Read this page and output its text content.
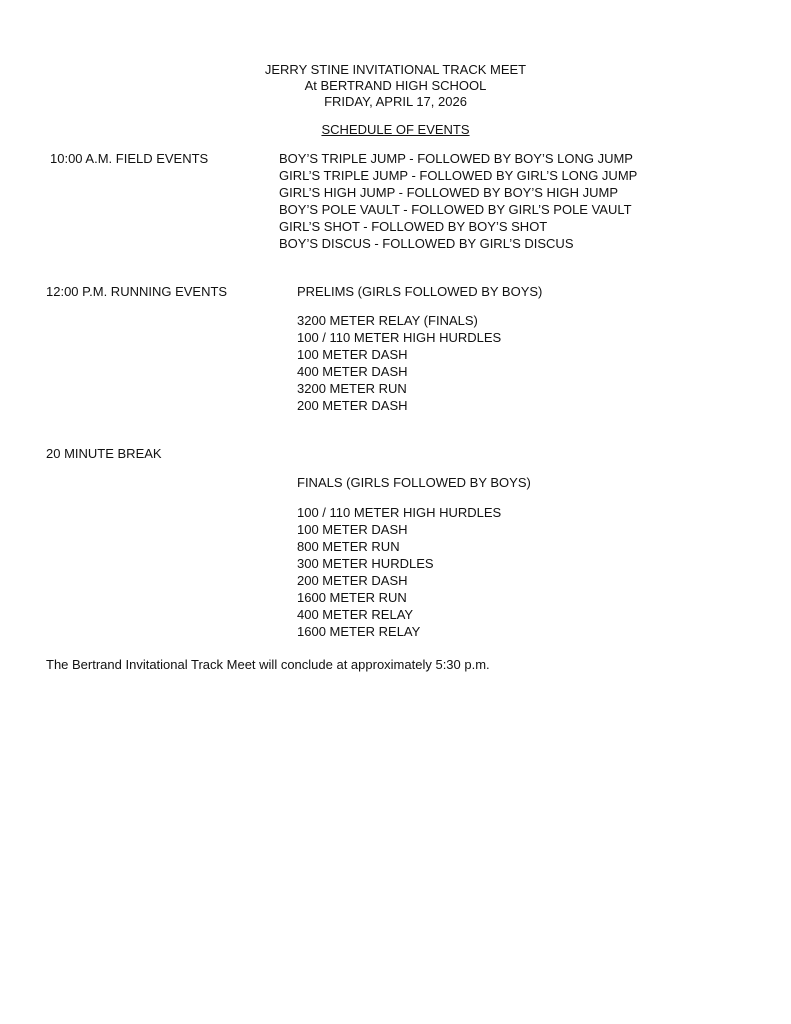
JERRY STINE INVITATIONAL TRACK MEET
At BERTRAND HIGH SCHOOL
FRIDAY, APRIL 17, 2026
SCHEDULE OF EVENTS
10:00 A.M. FIELD EVENTS	BOY’S TRIPLE JUMP - FOLLOWED BY BOY’S LONG JUMP
GIRL’S TRIPLE JUMP - FOLLOWED BY GIRL’S LONG JUMP
GIRL’S HIGH JUMP - FOLLOWED BY BOY’S HIGH JUMP
BOY’S POLE VAULT - FOLLOWED BY GIRL’S POLE VAULT
GIRL’S SHOT - FOLLOWED BY BOY’S SHOT
BOY’S DISCUS - FOLLOWED BY GIRL’S DISCUS
12:00 P.M. RUNNING EVENTS	PRELIMS (GIRLS FOLLOWED BY BOYS)
3200 METER RELAY (FINALS)
100 / 110 METER HIGH HURDLES
100 METER DASH
400 METER DASH
3200 METER RUN
200 METER DASH
20 MINUTE BREAK
FINALS (GIRLS FOLLOWED BY BOYS)
100 / 110 METER HIGH HURDLES
100 METER DASH
800 METER RUN
300 METER HURDLES
200 METER DASH
1600 METER RUN
400 METER RELAY
1600 METER RELAY
The Bertrand Invitational Track Meet will conclude at approximately 5:30 p.m.
